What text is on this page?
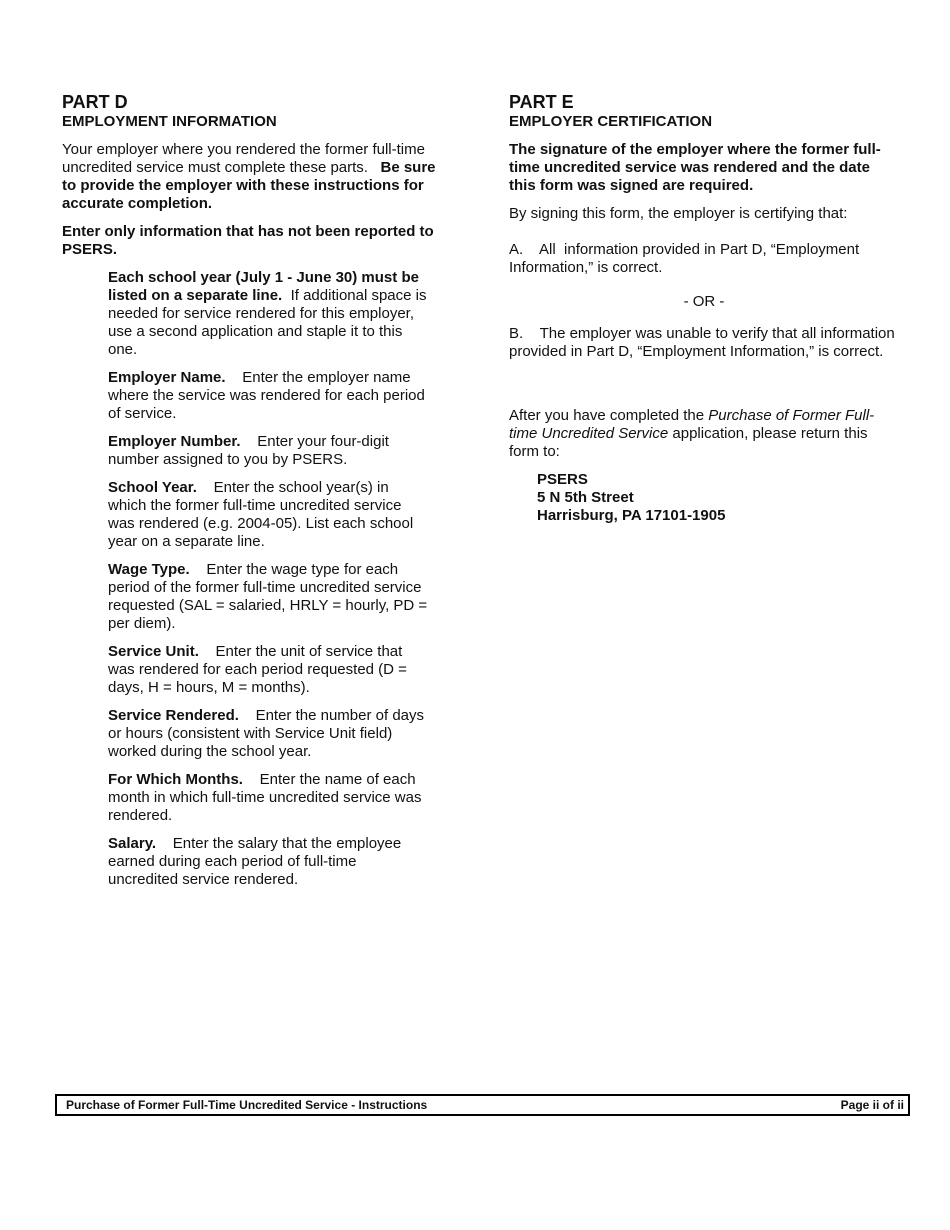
PART D
EMPLOYMENT INFORMATION

Your employer where you rendered the former full-time uncredited service must complete these parts. Be sure to provide the employer with these instructions for accurate completion.

Enter only information that has not been reported to PSERS.

Each school year (July 1 - June 30) must be listed on a separate line. If additional space is needed for service rendered for this employer, use a second application and staple it to this one.

Employer Name. Enter the employer name where the service was rendered for each period of service.

Employer Number. Enter your four-digit number assigned to you by PSERS.

School Year. Enter the school year(s) in which the former full-time uncredited service was rendered (e.g. 2004-05). List each school year on a separate line.

Wage Type. Enter the wage type for each period of the former full-time uncredited service requested (SAL = salaried, HRLY = hourly, PD = per diem).

Service Unit. Enter the unit of service that was rendered for each period requested (D = days, H = hours, M = months).

Service Rendered. Enter the number of days or hours (consistent with Service Unit field) worked during the school year.

For Which Months. Enter the name of each month in which full-time uncredited service was rendered.

Salary. Enter the salary that the employee earned during each period of full-time uncredited service rendered.

PART E
EMPLOYER CERTIFICATION

The signature of the employer where the former full-time uncredited service was rendered and the date this form was signed are required.

By signing this form, the employer is certifying that:

A.    All  information provided in Part D, “Employment Information,” is correct.

- OR -

B.    The employer was unable to verify that all information provided in Part D, “Employment Information,” is correct.

After you have completed the Purchase of Former Full-time Uncredited Service application, please return this form to:

PSERS
5 N 5th Street
Harrisburg, PA 17101-1905
Purchase of Former Full-Time Uncredited Service - Instructions	Page ii of ii
